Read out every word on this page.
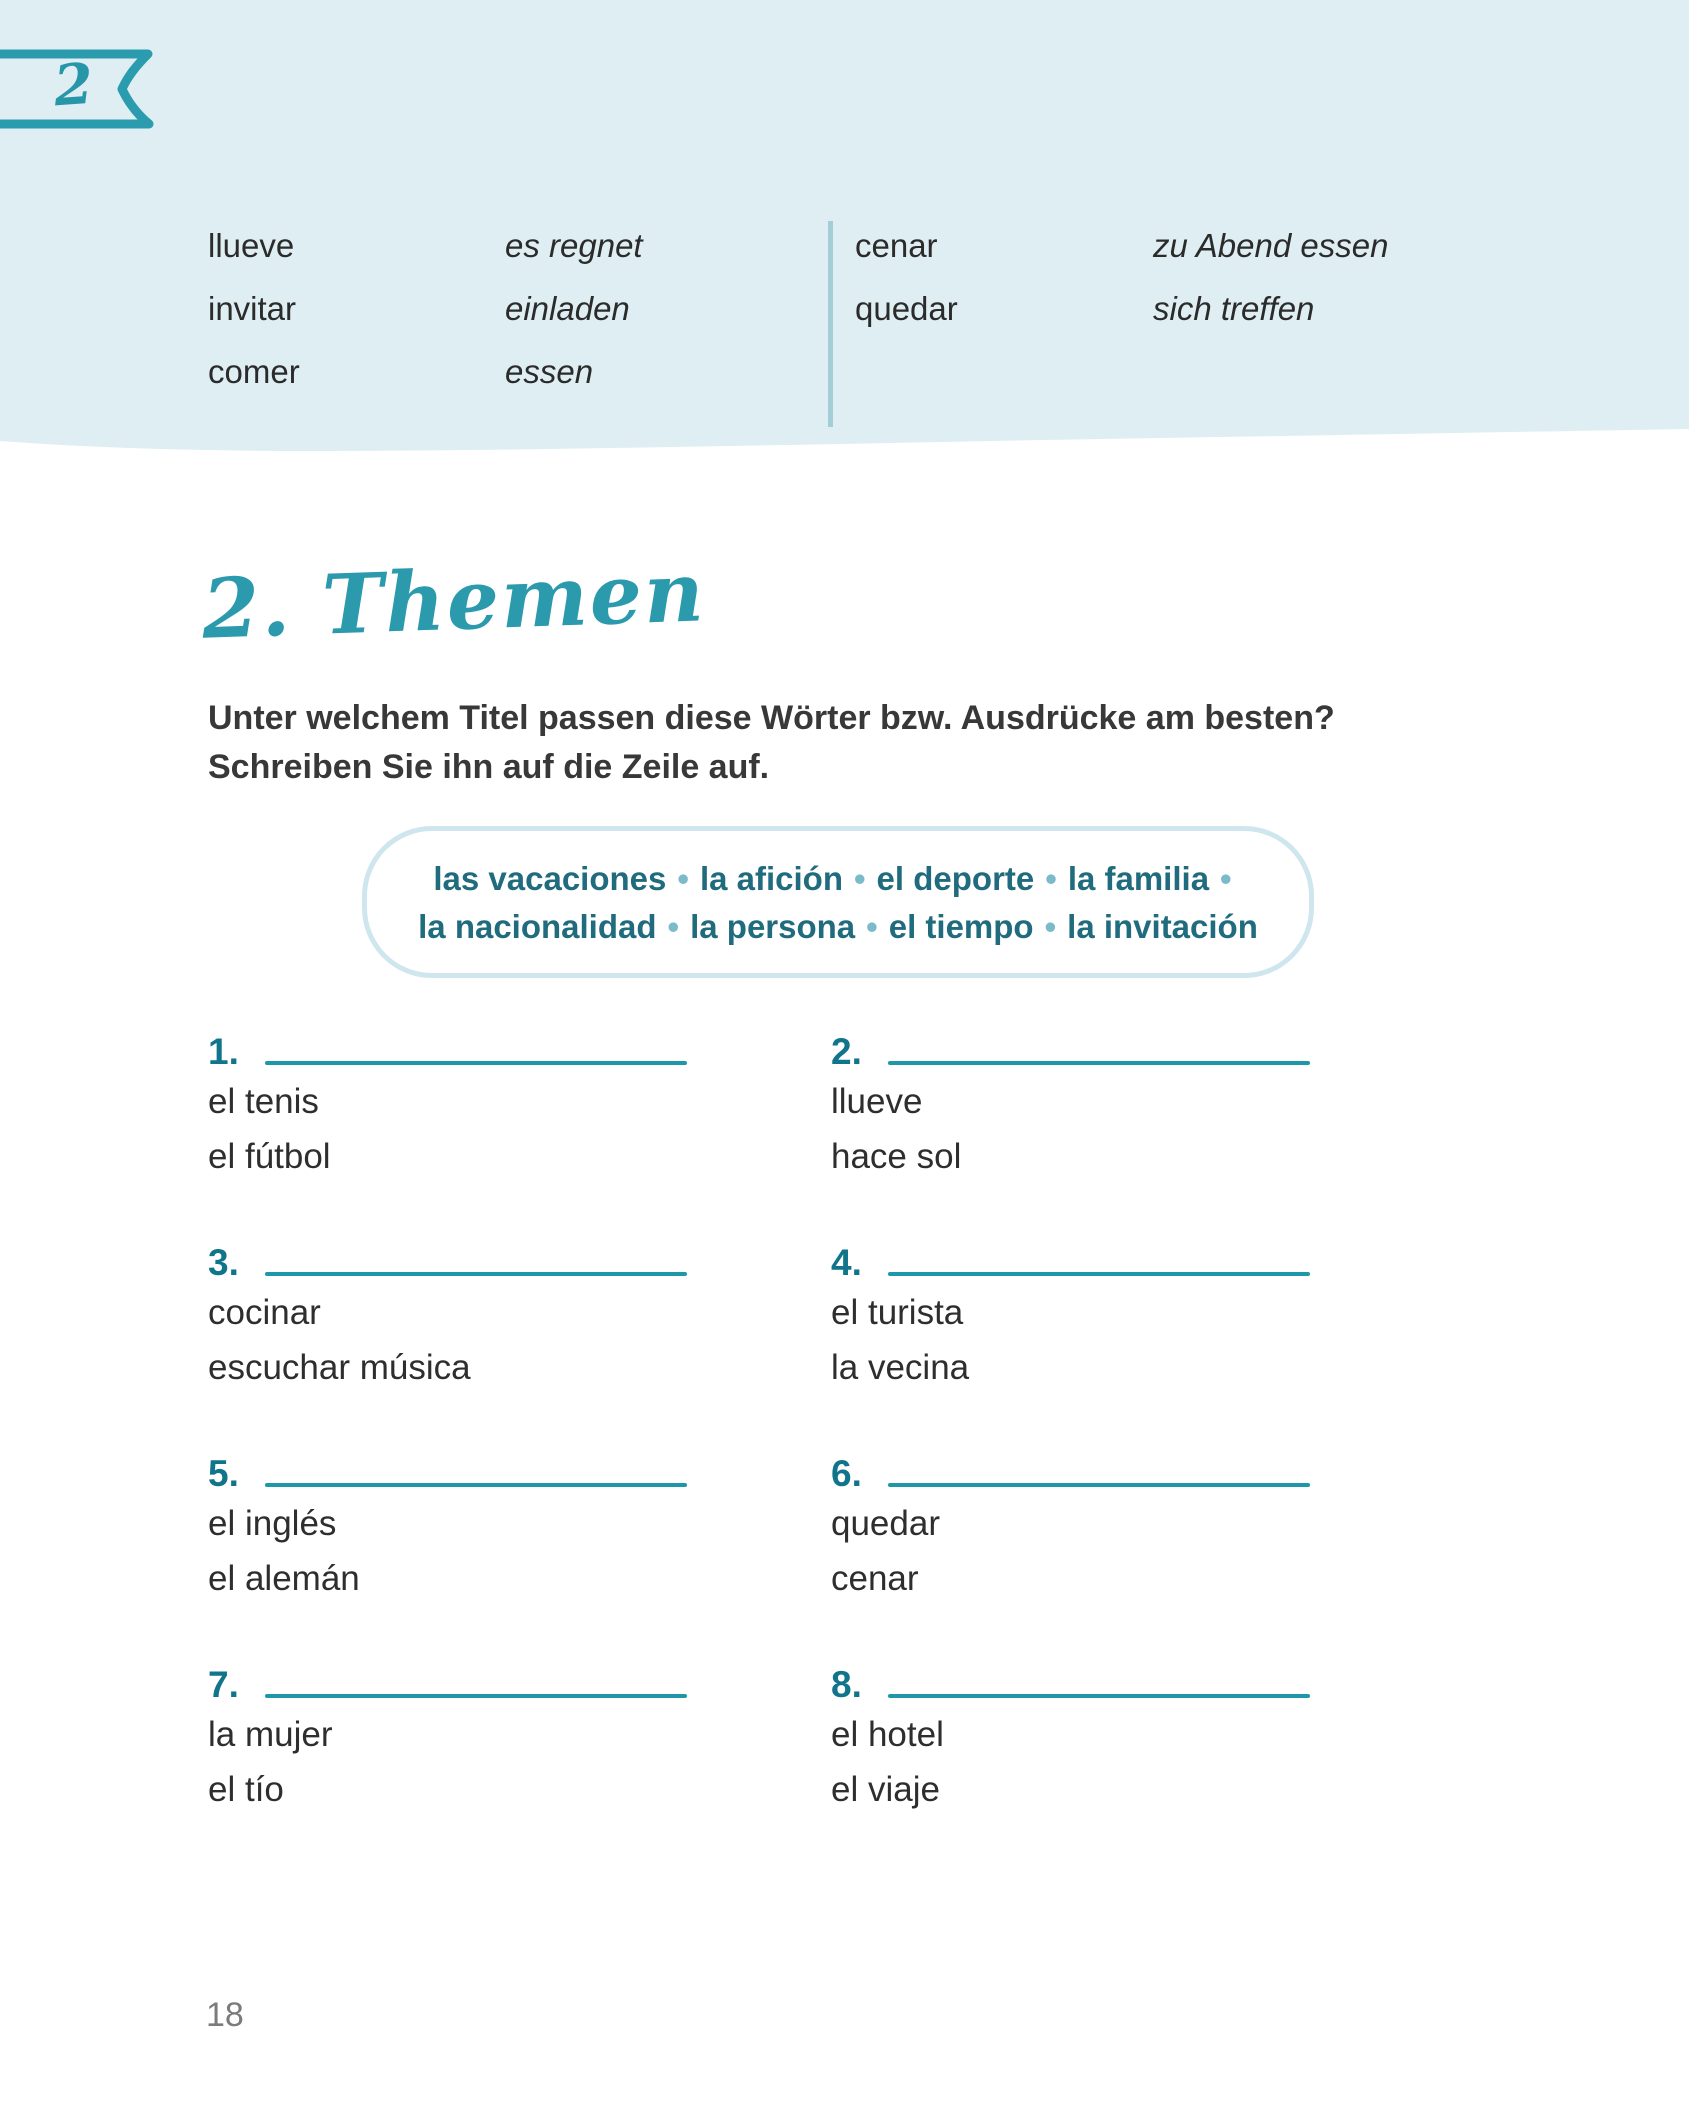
2
llueve	es regnet
invitar	einladen
comer	essen
cenar	zu Abend essen
quedar	sich treffen
2. Themen
Unter welchem Titel passen diese Wörter bzw. Ausdrücke am besten?
Schreiben Sie ihn auf die Zeile auf.
las vacaciones • la afición • el deporte • la familia •
la nacionalidad • la persona • el tiempo • la invitación
1.
el tenis
el fútbol
2.
llueve
hace sol
3.
cocinar
escuchar música
4.
el turista
la vecina
5.
el inglés
el alemán
6.
quedar
cenar
7.
la mujer
el tío
8.
el hotel
el viaje
18
